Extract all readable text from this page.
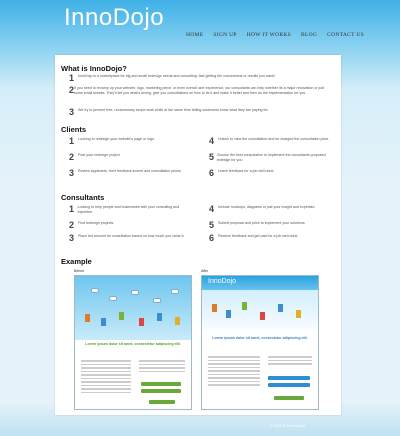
InnoDojo
HOME SIGN UP HOW IT WORKS BLOG CONTACT US
What is InnoDojo?
1	InnoDojo is a marketplace for big and small redesign needs and consulting: fast getting the conversions or results you want!
2 If you need to revamp up your website, logo, marketing piece, or even overall user experience, our consultants can help whether its a major renovation or just some small tweaks. They'll tell you what's wrong, give you consultations on how to fix it and make it better and then do the implementation for you.
3	We try to prevent free, unnecessary scope work while at the same time letting customers know what they are paying for.
Clients
1	Looking to redesign your website's page or logo.
2	Post your redesign project
3	Review applicants, their feedback scores and consultation prices
4	Unlock to view the consultation and be charged the consultation price.
5 Choose the best consultation to implement the consultants proposed redesign for you
6	Leave feedback for a job well done.
Consultants
1 Looking to help people and businesses with your consulting and expertise.
2	Find redesign projects
3	Place bid amount for consultation based on how much you value it.
4	Include mockups, diagrams or just your insight and expertise.
5	Submit proposal and price to implement your solutions.
6	Receive feedback and get paid for a job well done.
Example
Before	After
Lorem ipsum dolor sit amet, consectetur adipiscing elit.
InnoDojo
Lorem ipsum dolor sit amet, consectetur adipiscing elit.
© 2012-2013 InnoDojo
